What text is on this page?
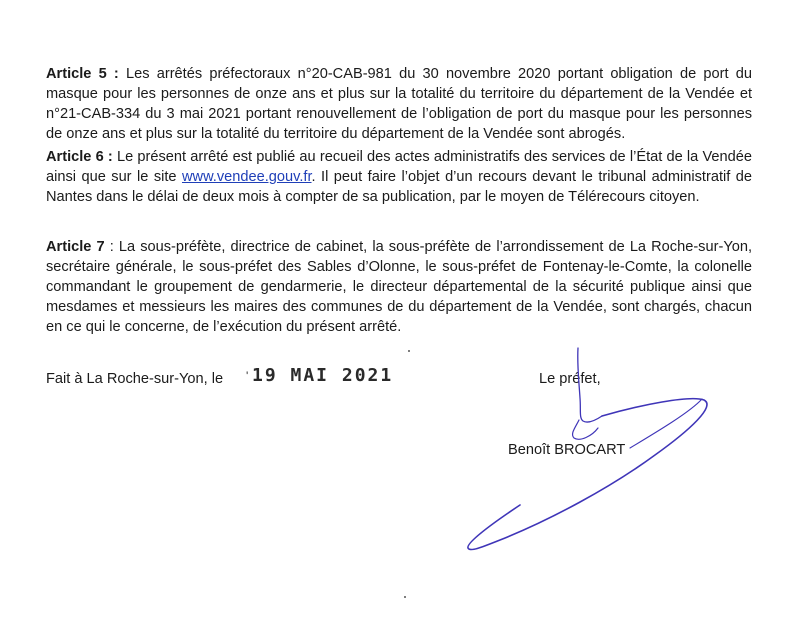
Article 5 : Les arrêtés préfectoraux n°20-CAB-981 du 30 novembre 2020 portant obligation de port du masque pour les personnes de onze ans et plus sur la totalité du territoire du département de la Vendée et n°21-CAB-334 du 3 mai 2021 portant renouvellement de l’obligation de port du masque pour les personnes de onze ans et plus sur la totalité du territoire du département de la Vendée sont abrogés.

Article 6 : Le présent arrêté est publié au recueil des actes administratifs des services de l’État de la Vendée ainsi que sur le site www.vendee.gouv.fr. Il peut faire l’objet d’un recours devant le tribunal administratif de Nantes dans le délai de deux mois à compter de sa publication, par le moyen de Télérecours citoyen.

Article 7 : La sous-préfète, directrice de cabinet, la sous-préfète de l’arrondissement de La Roche-sur-Yon, secrétaire générale, le sous-préfet des Sables d’Olonne, le sous-préfet de Fontenay-le-Comte, la colonelle commandant le groupement de gendarmerie, le directeur départemental de la sécurité publique ainsi que mesdames et messieurs les maires des communes de du département de la Vendée, sont chargés, chacun en ce qui le concerne, de l’exécution du présent arrêté.

Fait à La Roche-sur-Yon, le ' 19 MAI 2021	Le préfet,
Benoît BROCART
